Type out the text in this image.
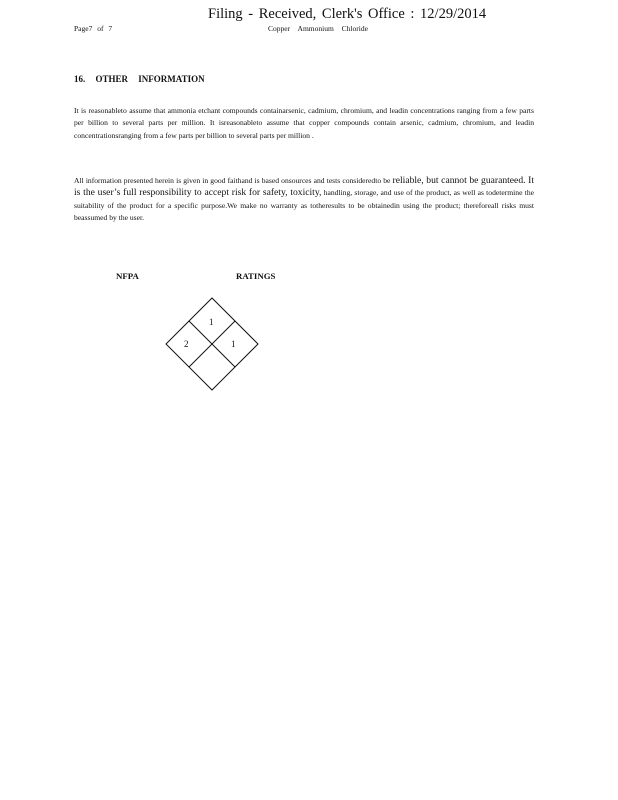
Filing - Received, Clerk's Office : 12/29/2014
Page7 of 7	Copper Ammonium Chloride
16. OTHER INFORMATION
It is reasonableto assume that ammonia etchant compounds containarsenic, cadmium, chromium, and leadin concentrations ranging from a few parts per billion to several parts per million. It isreasonableto assume that copper compounds contain arsenic, cadmium, chromium, and leadin concentrationsranging from a few parts per billion to several parts per million .
All information presented herein is given in good faithand is based onsources and tests consideredto be reliable, but cannot be guaranteed. It is the user’s full responsibility to accept risk for safety, toxicity, handling, storage, and use of the product, as well as todetermine the suitability of the product for a specific purpose.We make no warranty as totheresults to be obtainedin using the product; thereforeall risks must beassumed by the user.
NFPA	RATINGS
1
2	1
